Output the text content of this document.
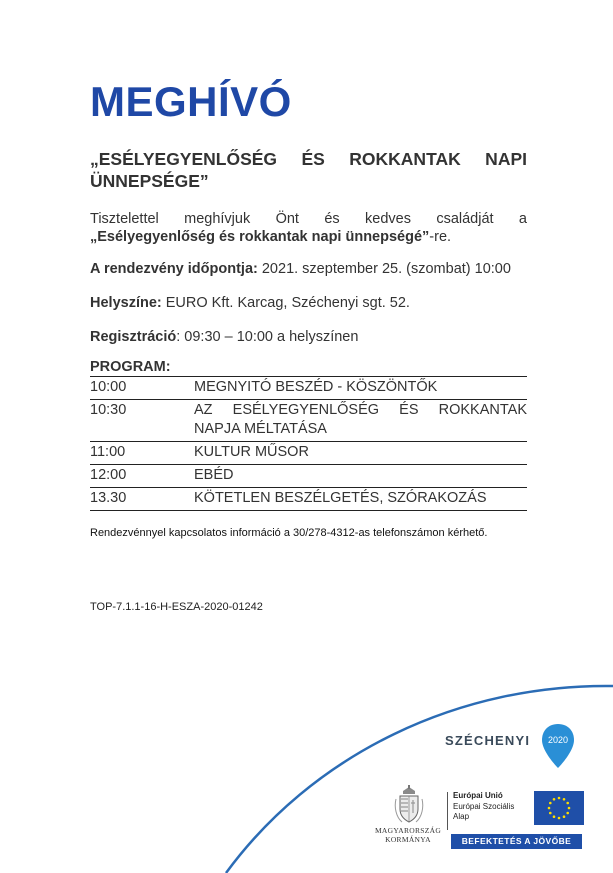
MEGHÍVÓ
„ESÉLYEGYENLŐSÉG ÉS ROKKANTAK NAPI ÜNNEPSÉGE”
Tisztelettel meghívjuk Önt és kedves családját a
„Esélyegyenlőség és rokkantak napi ünnepségé”-re.
A rendezvény időpontja: 2021. szeptember 25. (szombat) 10:00
Helyszíne: EURO Kft. Karcag, Széchenyi sgt. 52.
Regisztráció: 09:30 – 10:00 a helyszínen
PROGRAM:
10:00	MEGNYITÓ BESZÉD - KÖSZÖNTŐK
10:30	AZ ESÉLYEGYENLŐSÉG ÉS ROKKANTAK NAPJA MÉLTATÁSA
11:00	KULTUR MŰSOR
12:00	EBÉD
13.30	KÖTETLEN BESZÉLGETÉS, SZÓRAKOZÁS
Rendezvénnyel kapcsolatos információ a 30/278-4312-as telefonszámon kérhető.
TOP-7.1.1-16-H-ESZA-2020-01242
SZÉCHENYI 2020
MAGYARORSZÁG
KORMÁNYA
Európai Unió
Európai Szociális
Alap
BEFEKTETÉS A JÖVŐBE
